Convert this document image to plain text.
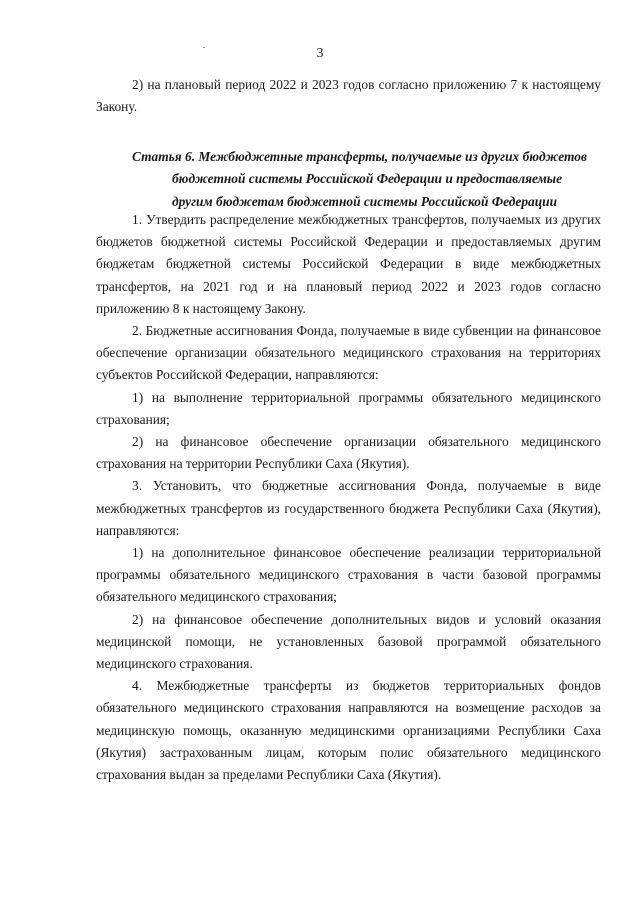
3

2) на плановый период 2022 и 2023 годов согласно приложению 7 к настоящему Закону.

Статья 6. Межбюджетные трансферты, получаемые из других бюджетов
бюджетной системы Российской Федерации и предоставляемые
другим бюджетам бюджетной системы Российской Федерации

1. Утвердить распределение межбюджетных трансфертов, получаемых из других бюджетов бюджетной системы Российской Федерации и предоставляемых другим бюджетам бюджетной системы Российской Федерации в виде межбюджетных трансфертов, на 2021 год и на плановый период 2022 и 2023 годов согласно приложению 8 к настоящему Закону.

2. Бюджетные ассигнования Фонда, получаемые в виде субвенции на финансовое обеспечение организации обязательного медицинского страхования на территориях субъектов Российской Федерации, направляются:

1) на выполнение территориальной программы обязательного медицинского страхования;

2) на финансовое обеспечение организации обязательного медицинского страхования на территории Республики Саха (Якутия).

3. Установить, что бюджетные ассигнования Фонда, получаемые в виде межбюджетных трансфертов из государственного бюджета Республики Саха (Якутия), направляются:

1) на дополнительное финансовое обеспечение реализации территориальной программы обязательного медицинского страхования в части базовой программы обязательного медицинского страхования;

2) на финансовое обеспечение дополнительных видов и условий оказания медицинской помощи, не установленных базовой программой обязательного медицинского страхования.

4. Межбюджетные трансферты из бюджетов территориальных фондов обязательного медицинского страхования направляются на возмещение расходов за медицинскую помощь, оказанную медицинскими организациями Республики Саха (Якутия) застрахованным лицам, которым полис обязательного медицинского страхования выдан за пределами Республики Саха (Якутия).
